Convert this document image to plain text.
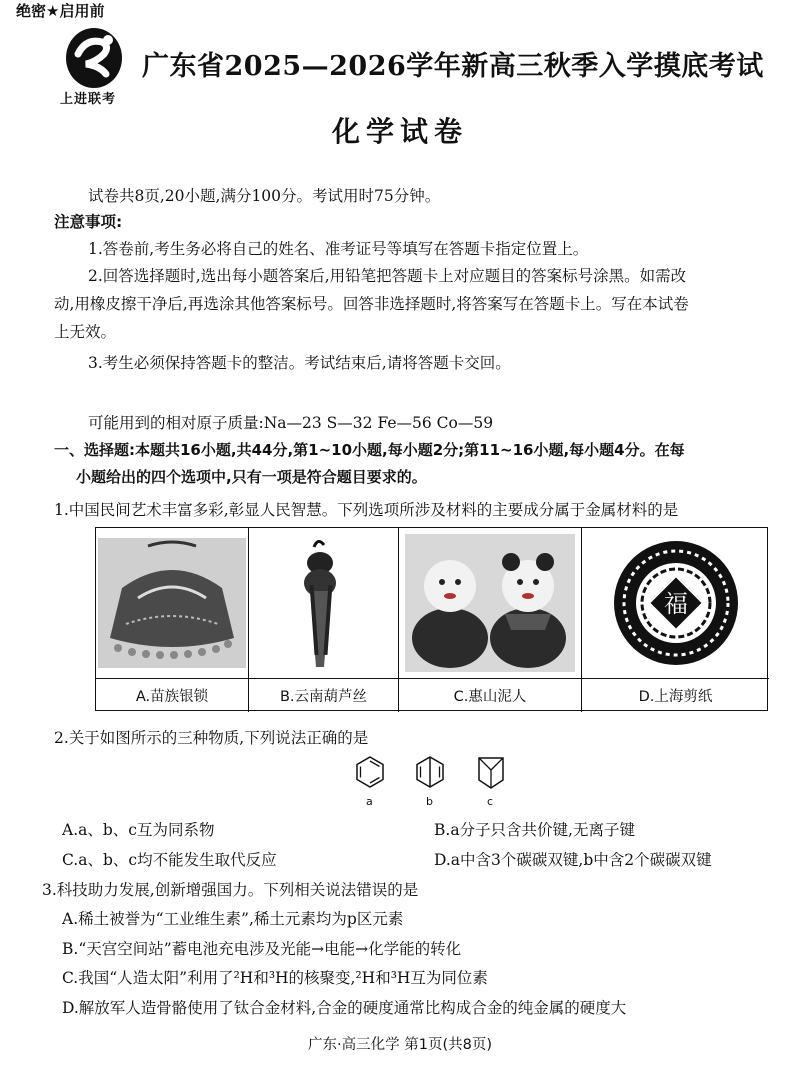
绝密★启用前
上进联考
广东省2025—2026学年新高三秋季入学摸底考试
化学试卷
试卷共8页,20小题,满分100分。考试用时75分钟。
注意事项:
1.答卷前,考生务必将自己的姓名、准考证号等填写在答题卡指定位置上。
2.回答选择题时,选出每小题答案后,用铅笔把答题卡上对应题目的答案标号涂黑。如需改
动,用橡皮擦干净后,再选涂其他答案标号。回答非选择题时,将答案写在答题卡上。写在本试卷
上无效。
3.考生必须保持答题卡的整洁。考试结束后,请将答题卡交回。
可能用到的相对原子质量:Na—23 S—32 Fe—56 Co—59
一、选择题:本题共16小题,共44分,第1~10小题,每小题2分;第11~16小题,每小题4分。在每
小题给出的四个选项中,只有一项是符合题目要求的。
1.中国民间艺术丰富多彩,彰显人民智慧。下列选项所涉及材料的主要成分属于金属材料的是
福
A.苗族银锁	B.云南葫芦丝	C.惠山泥人	D.上海剪纸
2.关于如图所示的三种物质,下列说法正确的是
a	b	c
A.a、b、c互为同系物	B.a分子只含共价键,无离子键
C.a、b、c均不能发生取代反应	D.a中含3个碳碳双键,b中含2个碳碳双键
3.科技助力发展,创新增强国力。下列相关说法错误的是
A.稀土被誉为“工业维生素”,稀土元素均为p区元素
B.“天宫空间站”蓄电池充电涉及光能→电能→化学能的转化
C.我国“人造太阳”利用了²H和³H的核聚变,²H和³H互为同位素
D.解放军人造骨骼使用了钛合金材料,合金的硬度通常比构成合金的纯金属的硬度大
广东·高三化学 第1页(共8页)
